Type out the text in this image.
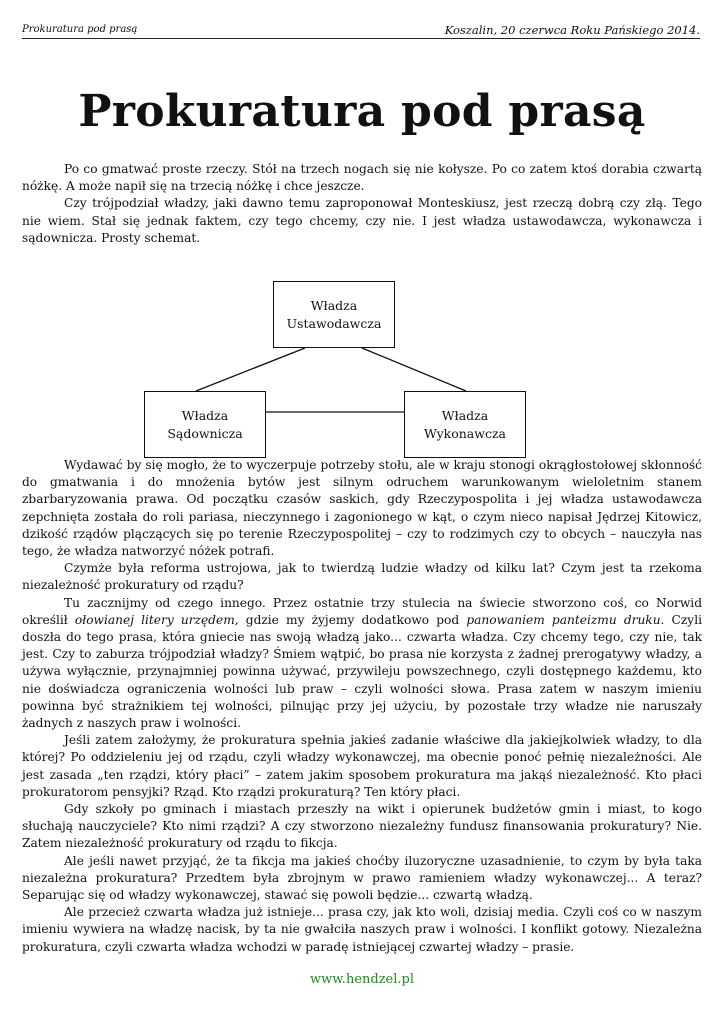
Prokuratura pod prasą	Koszalin, 20 czerwca Roku Pańskiego 2014.
Prokuratura pod prasą

Po co gmatwać proste rzeczy. Stół na trzech nogach się nie kołysze. Po co zatem ktoś dorabia czwartą nóżkę. A może napił się na trzecią nóżkę i chce jeszcze.

Czy trójpodział władzy, jaki dawno temu zaproponował Monteskiusz, jest rzeczą dobrą czy złą. Tego nie wiem. Stał się jednak faktem, czy tego chcemy, czy nie. I jest władza ustawodawcza, wykonawcza i sądownicza. Prosty schemat.

Władza
Ustawodawcza
Władza
Sądownicza
Władza
Wykonawcza

Wydawać by się mogło, że to wyczerpuje potrzeby stołu, ale w kraju stonogi okrągłostołowej skłonność do gmatwania i do mnożenia bytów jest silnym odruchem warunkowanym wieloletnim stanem zbarbaryzowania prawa. Od początku czasów saskich, gdy Rzeczypospolita i jej władza ustawodawcza zepchnięta została do roli pariasa, nieczynnego i zagonionego w kąt, o czym nieco napisał Jędrzej Kitowicz, dzikość rządów plączących się po terenie Rzeczypospolitej – czy to rodzimych czy to obcych – nauczyła nas tego, że władza natworzyć nóżek potrafi.

Czymże była reforma ustrojowa, jak to twierdzą ludzie władzy od kilku lat? Czym jest ta rzekoma niezależność prokuratury od rządu?

Tu zacznijmy od czego innego. Przez ostatnie trzy stulecia na świecie stworzono coś, co Norwid określił ołowianej litery urzędem, gdzie my żyjemy dodatkowo pod panowaniem panteizmu druku. Czyli doszła do tego prasa, która gniecie nas swoją władzą jako... czwarta władza. Czy chcemy tego, czy nie, tak jest. Czy to zaburza trójpodział władzy? Śmiem wątpić, bo prasa nie korzysta z żadnej prerogatywy władzy, a używa wyłącznie, przynajmniej powinna używać, przywileju powszechnego, czyli dostępnego każdemu, kto nie doświadcza ograniczenia wolności lub praw – czyli wolności słowa. Prasa zatem w naszym imieniu powinna być strażnikiem tej wolności, pilnując przy jej użyciu, by pozostałe trzy władze nie naruszały żadnych z naszych praw i wolności.

Jeśli zatem założymy, że prokuratura spełnia jakieś zadanie właściwe dla jakiejkolwiek władzy, to dla której? Po oddzieleniu jej od rządu, czyli władzy wykonawczej, ma obecnie ponoć pełnię niezależności. Ale jest zasada „ten rządzi, który płaci” – zatem jakim sposobem prokuratura ma jakąś niezależność. Kto płaci prokuratorom pensyjki? Rząd. Kto rządzi prokuraturą? Ten który płaci.

Gdy szkoły po gminach i miastach przeszły na wikt i opierunek budżetów gmin i miast, to kogo słuchają nauczyciele? Kto nimi rządzi? A czy stworzono niezależny fundusz finansowania prokuratury? Nie. Zatem niezależność prokuratury od rządu to fikcja.

Ale jeśli nawet przyjąć, że ta fikcja ma jakieś choćby iluzoryczne uzasadnienie, to czym by była taka niezależna prokuratura? Przedtem była zbrojnym w prawo ramieniem władzy wykonawczej... A teraz? Separując się od władzy wykonawczej, stawać się powoli będzie... czwartą władzą.

Ale przecież czwarta władza już istnieje... prasa czy, jak kto woli, dzisiaj media. Czyli coś co w naszym imieniu wywiera na władzę nacisk, by ta nie gwałciła naszych praw i wolności. I konflikt gotowy. Niezależna prokuratura, czyli czwarta władza wchodzi w paradę istniejącej czwartej władzy – prasie.

www.hendzel.pl
